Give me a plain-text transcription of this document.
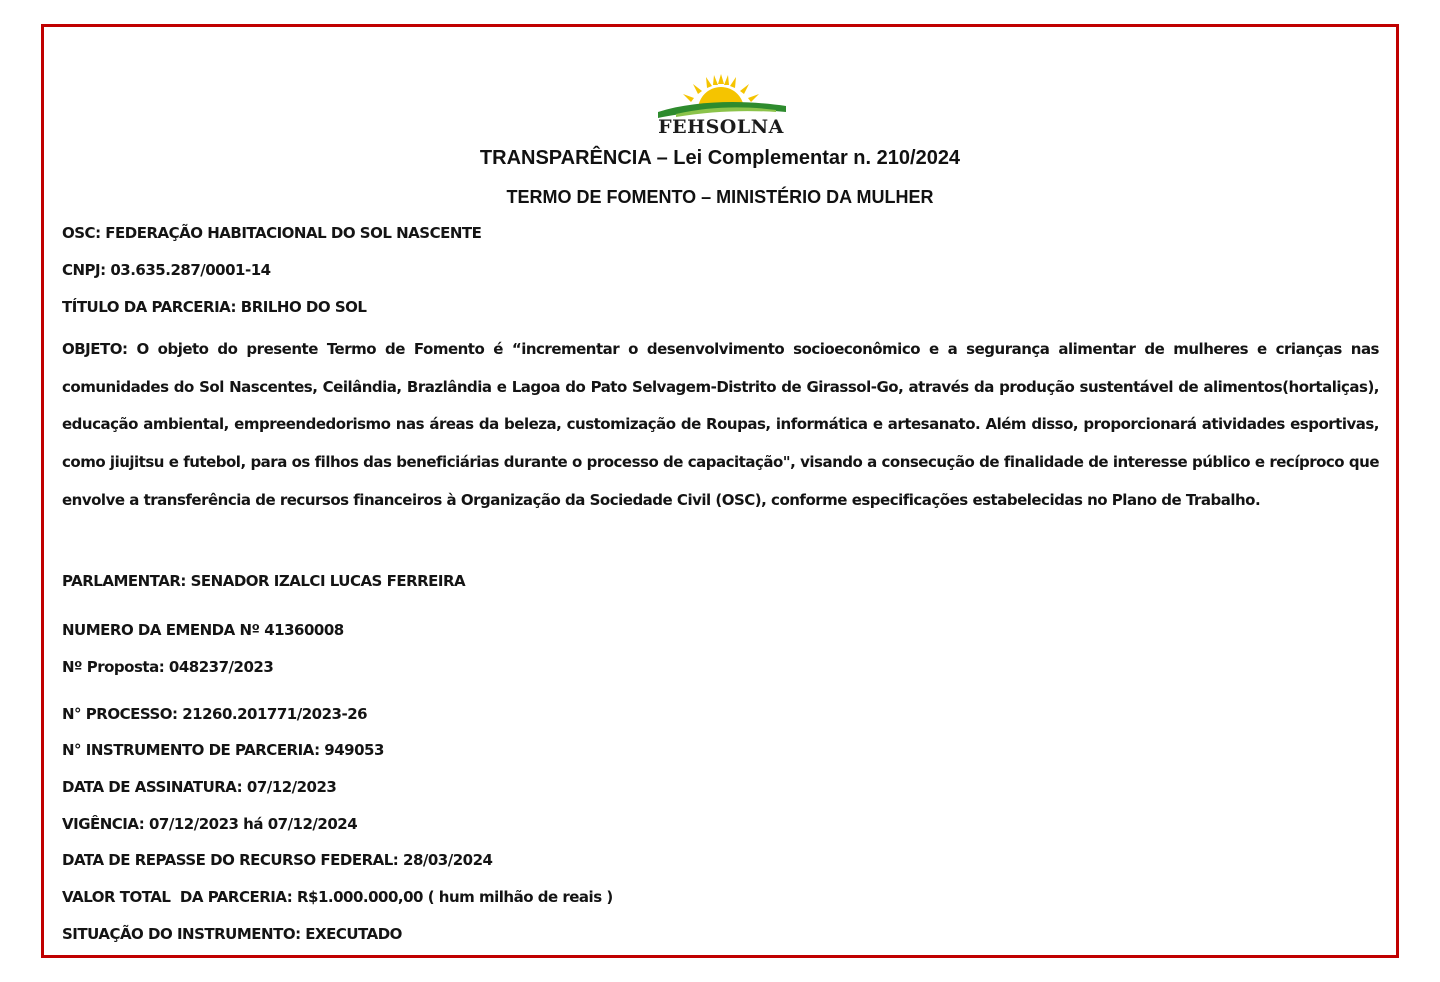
FEHSOLNA
TRANSPARÊNCIA – Lei Complementar n. 210/2024
TERMO DE FOMENTO – MINISTÉRIO DA MULHER
OSC: FEDERAÇÃO HABITACIONAL DO SOL NASCENTE
CNPJ: 03.635.287/0001-14
TÍTULO DA PARCERIA: BRILHO DO SOL
OBJETO: O objeto do presente Termo de Fomento é “incrementar o desenvolvimento socioeconômico e a segurança alimentar de mulheres e crianças nas comunidades do Sol Nascentes, Ceilândia, Brazlândia e Lagoa do Pato Selvagem-Distrito de Girassol-Go, através da produção sustentável de alimentos(hortaliças), educação ambiental, empreendedorismo nas áreas da beleza, customização de Roupas, informática e artesanato. Além disso, proporcionará atividades esportivas, como jiujitsu e futebol, para os filhos das beneficiárias durante o processo de capacitação", visando a consecução de finalidade de interesse público e recíproco que envolve a transferência de recursos financeiros à Organização da Sociedade Civil (OSC), conforme especificações estabelecidas no Plano de Trabalho.
PARLAMENTAR: SENADOR IZALCI LUCAS FERREIRA
NUMERO DA EMENDA Nº 41360008
Nº Proposta: 048237/2023
N° PROCESSO: 21260.201771/2023-26
N° INSTRUMENTO DE PARCERIA: 949053
DATA DE ASSINATURA: 07/12/2023
VIGÊNCIA: 07/12/2023 há 07/12/2024
DATA DE REPASSE DO RECURSO FEDERAL: 28/03/2024
VALOR TOTAL  DA PARCERIA: R$1.000.000,00 ( hum milhão de reais )
SITUAÇÃO DO INSTRUMENTO: EXECUTADO
